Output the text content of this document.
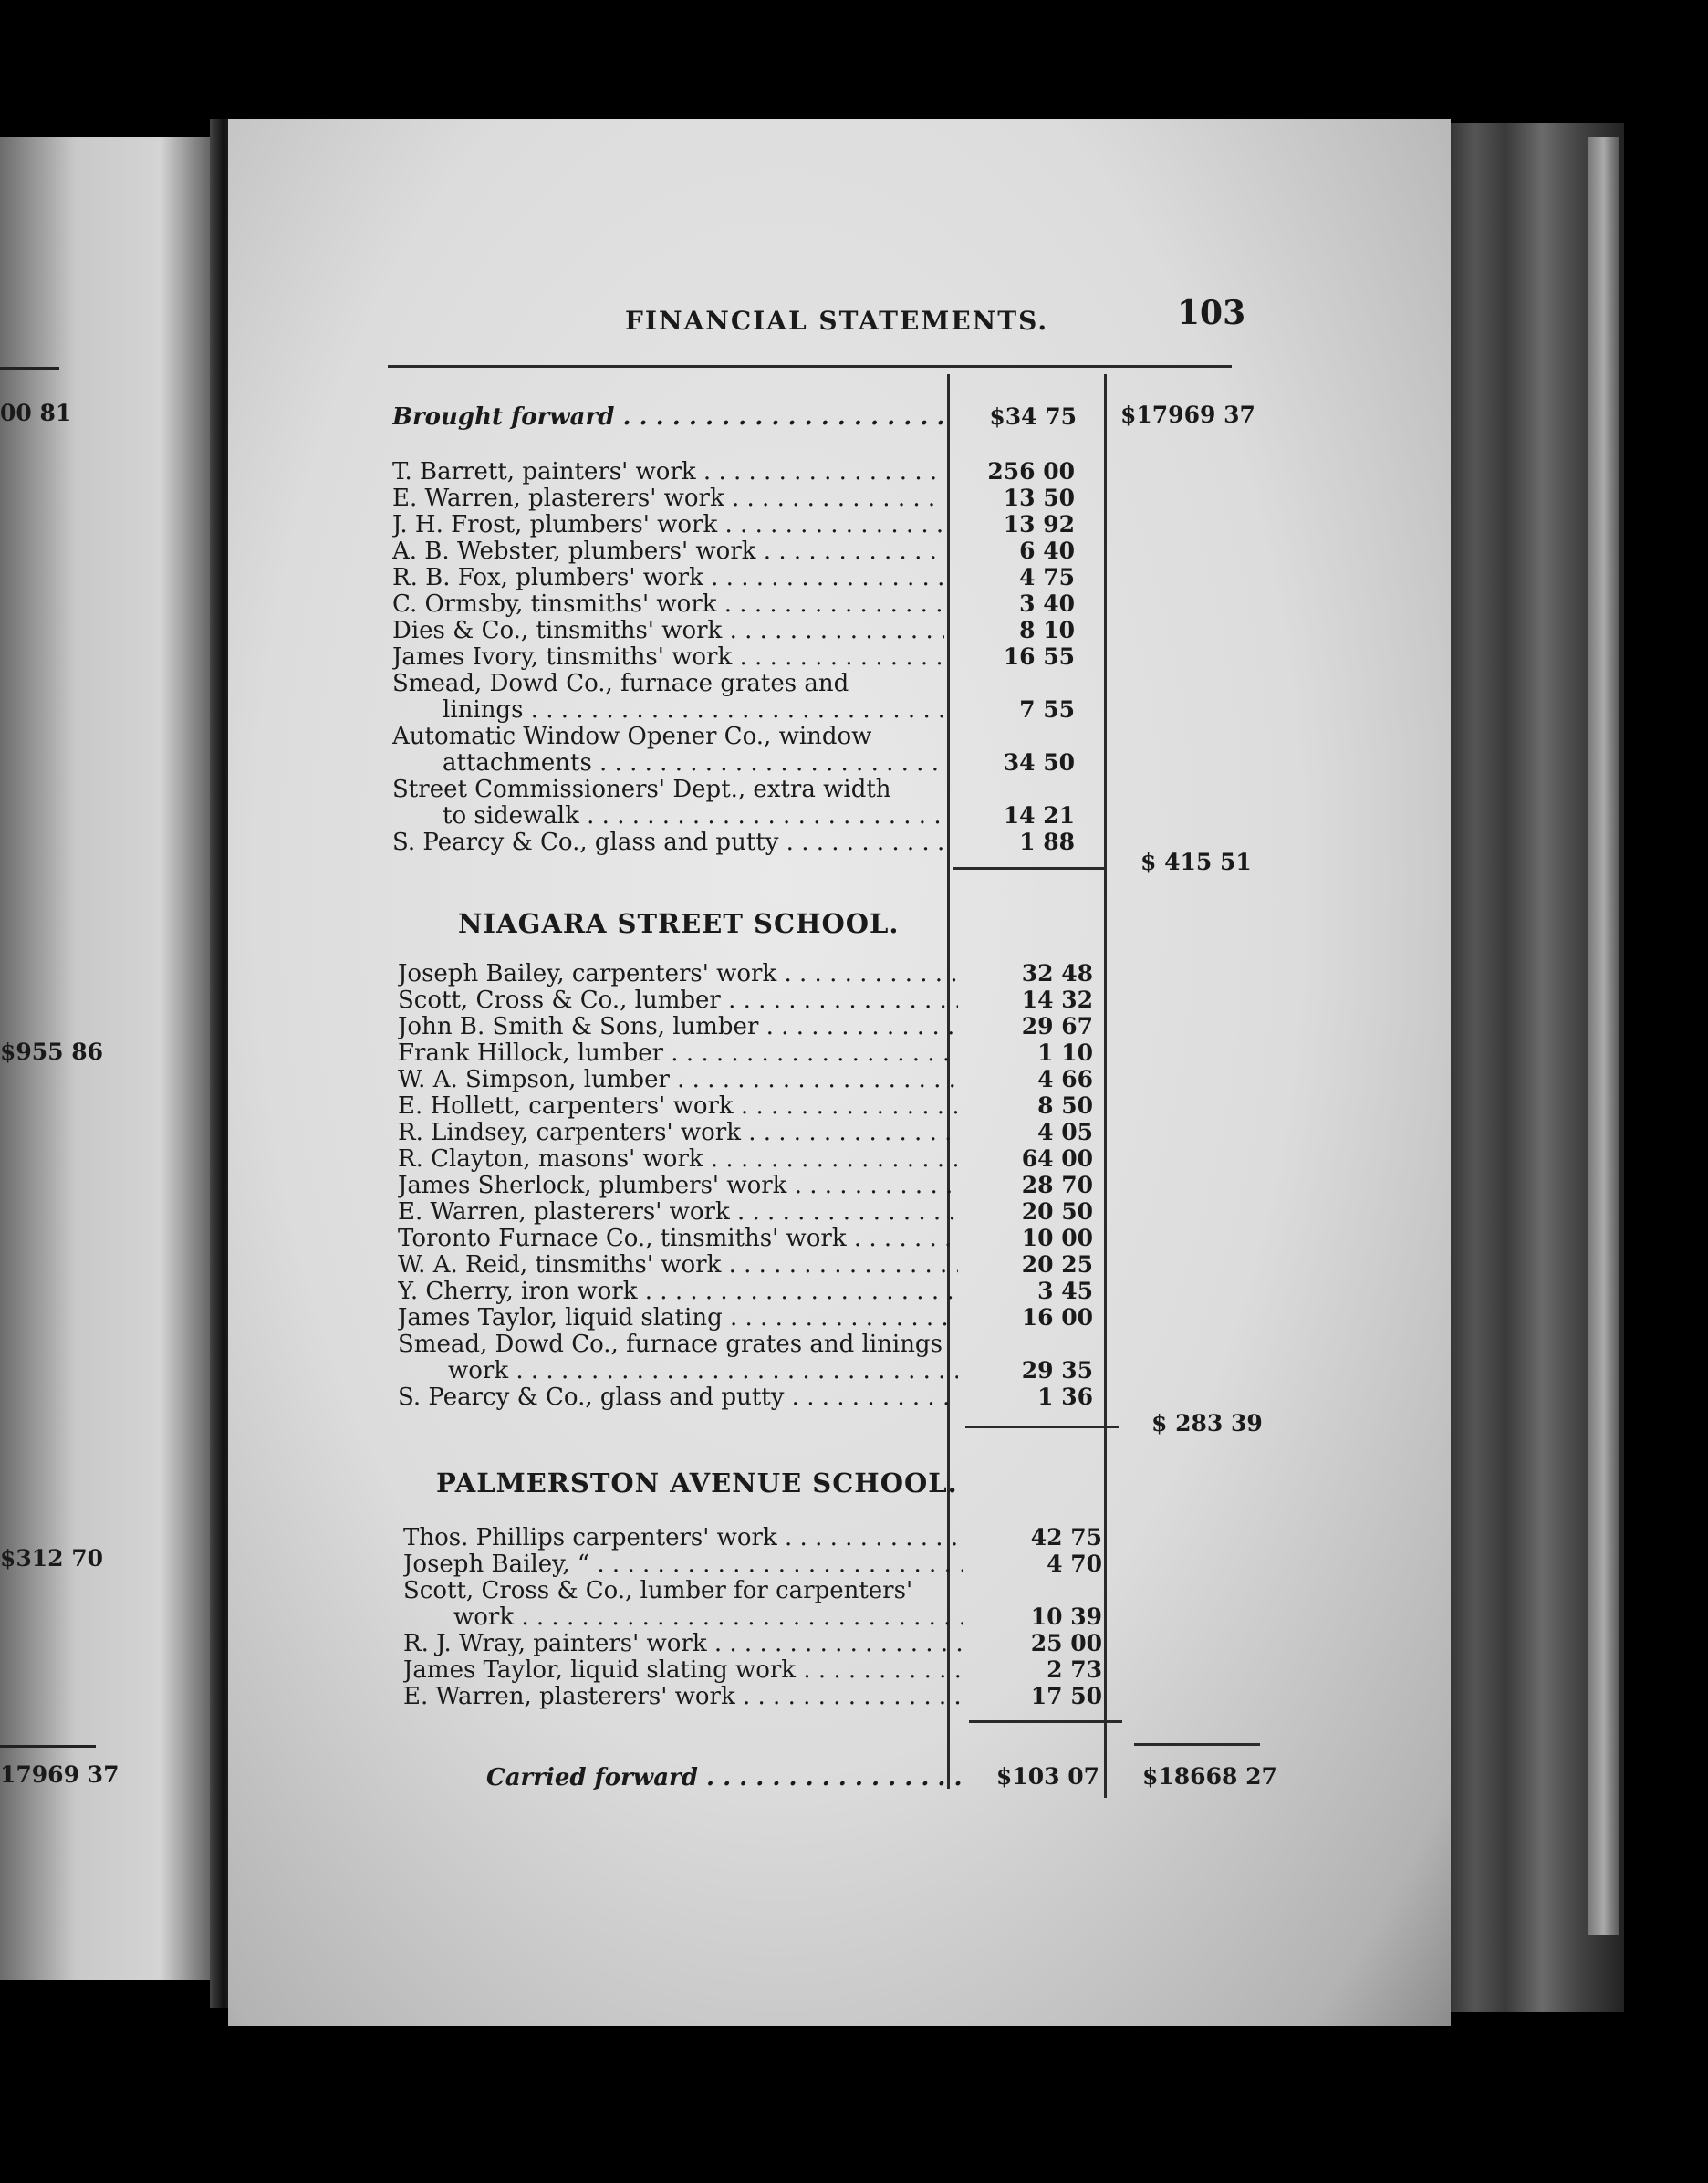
00 81
$955 86
$312 70
17969 37
FINANCIAL STATEMENTS.	103
Brought forward . . .	$34 75 $17969 37
T. Barrett, painters' work . . .	256 00
E. Warren, plasterers' work . . .	13 50
J. H. Frost, plumbers' work . . .	13 92
A. B. Webster, plumbers' work . . .	6 40
R. B. Fox, plumbers' work . . .	4 75
C. Ormsby, tinsmiths' work . . .	3 40
Dies & Co., tinsmiths' work . . .	8 10
James Ivory, tinsmiths' work . . .	16 55
Smead, Dowd Co., furnace grates and
linings . . .	7 55
Automatic Window Opener Co., window
attachments . . .	34 50
Street Commissioners' Dept., extra width
to sidewalk . . .	14 21
S. Pearcy & Co., glass and putty . . .	1 88
$ 415 51
NIAGARA STREET SCHOOL.
Joseph Bailey, carpenters' work . . .	32 48
Scott, Cross & Co., lumber . . .	14 32
John B. Smith & Sons, lumber . . .	29 67
Frank Hillock, lumber . . .	1 10
W. A. Simpson, lumber . . .	4 66
E. Hollett, carpenters' work . . .	8 50
R. Lindsey, carpenters' work . . .	4 05
R. Clayton, masons' work . . .	64 00
James Sherlock, plumbers' work . . .	28 70
E. Warren, plasterers' work . . .	20 50
Toronto Furnace Co., tinsmiths' work . . .	10 00
W. A. Reid, tinsmiths' work . . .	20 25
Y. Cherry, iron work . . .	3 45
James Taylor, liquid slating . . .	16 00
Smead, Dowd Co., furnace grates and linings
work . . .	29 35
S. Pearcy & Co., glass and putty . . .	1 36
$ 283 39
PALMERSTON AVENUE SCHOOL.
Thos. Phillips carpenters' work . . .	42 75
Joseph Bailey, “ . . .	4 70
Scott, Cross & Co., lumber for carpenters'
work . . .	10 39
R. J. Wray, painters' work . . .	25 00
James Taylor, liquid slating work . . .	2 73
E. Warren, plasterers' work . . .	17 50
Carried forward . . .	$103 07 $18668 27
